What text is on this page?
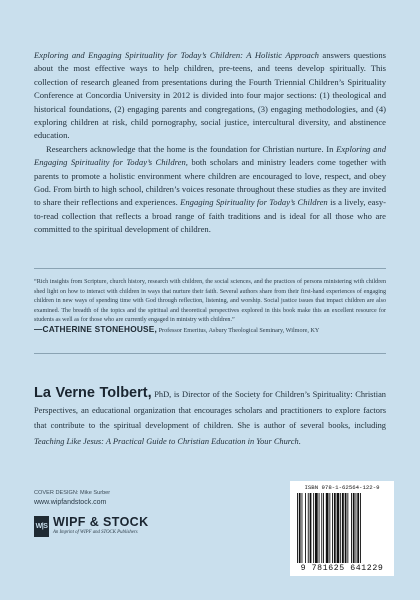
Exploring and Engaging Spirituality for Today’s Children: A Holistic Approach answers questions about the most effective ways to help children, pre-teens, and teens develop spiritually. This collection of research gleaned from presentations during the Fourth Triennial Children’s Spirituality Conference at Concordia University in 2012 is divided into four major sections: (1) theological and historical foundations, (2) engaging parents and congregations, (3) engaging methodologies, and (4) exploring children at risk, child pornography, social justice, intercultural diversity, and abstinence education.

Researchers acknowledge that the home is the foundation for Christian nurture. In Exploring and Engaging Spirituality for Today’s Children, both scholars and ministry leaders come together with parents to promote a holistic environment where children are encouraged to love, respect, and obey God. From birth to high school, children’s voices resonate throughout these studies as they are invited to share their reflections and experiences. Engaging Spirituality for Today’s Children is a lively, easy-to-read collection that reflects a broad range of faith traditions and is ideal for all those who are committed to the spiritual development of children.

“Rich insights from Scripture, church history, research with children, the social sciences, and the practices of persons ministering with children shed light on how to interact with children in ways that nurture their faith. Several authors share from their first-hand experiences of engaging children in new ways of spending time with God through reflection, listening, and worship. Social justice issues that impact children are also examined. The breadth of the topics and the spiritual and theoretical perspectives explored in this book make this an excellent resource for students as well as for those who are currently engaged in ministry with children.”

—CATHERINE STONEHOUSE, Professor Emeritus, Asbury Theological Seminary, Wilmore, KY
La Verne Tolbert, PhD, is Director of the Society for Children’s Spirituality: Christian Perspectives, an educational organization that encourages scholars and practitioners to explore factors that contribute to the spiritual development of children. She is author of several books, including Teaching Like Jesus: A Practical Guide to Christian Education in Your Church.
COVER DESIGN: Mike Surber
www.wipfandstock.com
W|S WIPF & STOCK
An Imprint of WIPF and STOCK Publishers
ISBN 978-1-62564-122-9
9 781625 641229
